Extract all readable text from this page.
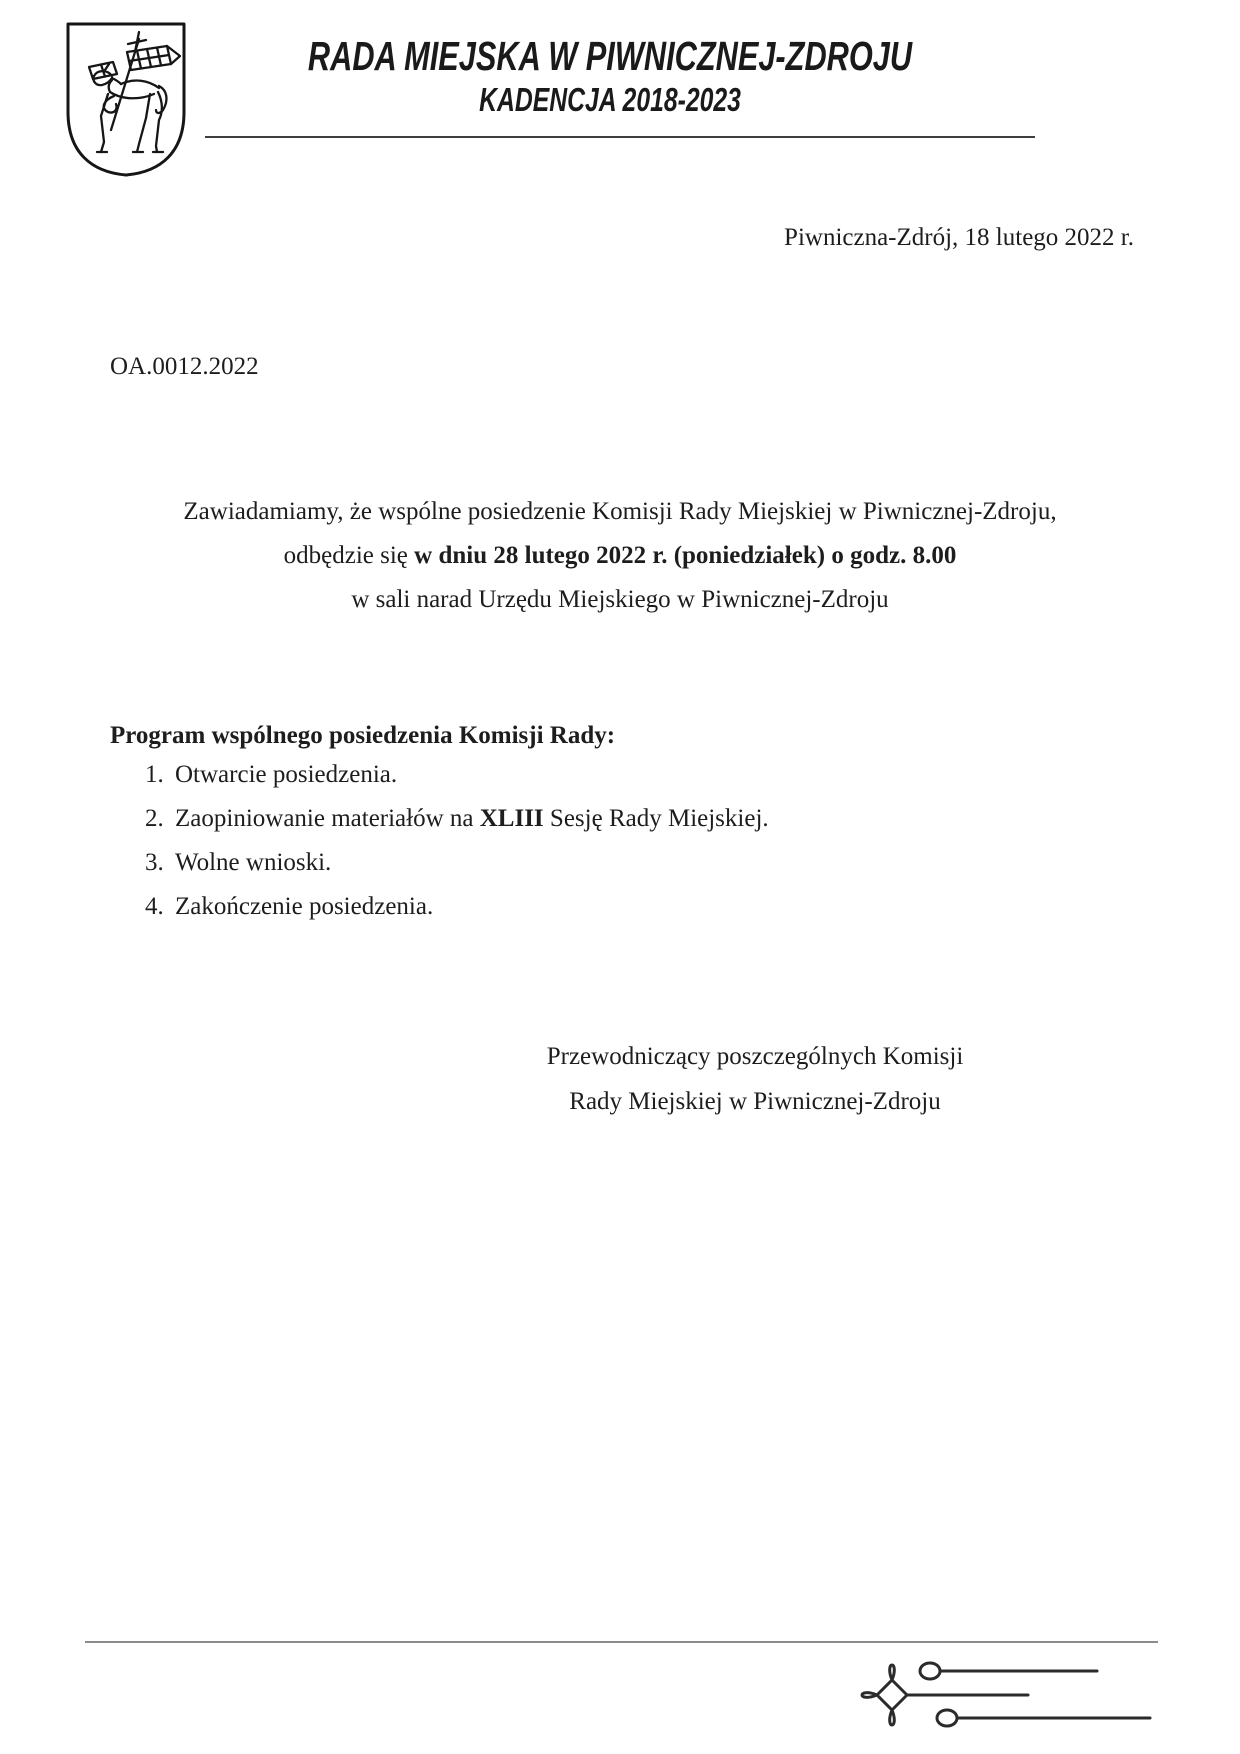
RADA MIEJSKA W PIWNICZNEJ-ZDROJU
KADENCJA 2018-2023
Piwniczna-Zdrój, 18 lutego 2022 r.
OA.0012.2022
Zawiadamiamy, że wspólne posiedzenie Komisji Rady Miejskiej w Piwnicznej-Zdroju,
odbędzie się w dniu 28 lutego 2022 r. (poniedziałek) o godz. 8.00
w sali narad Urzędu Miejskiego w Piwnicznej-Zdroju
Program wspólnego posiedzenia Komisji Rady:
1. Otwarcie posiedzenia.
2. Zaopiniowanie materiałów na XLIII Sesję Rady Miejskiej.
3. Wolne wnioski.
4. Zakończenie posiedzenia.
Przewodniczący poszczególnych Komisji
Rady Miejskiej w Piwnicznej-Zdroju
